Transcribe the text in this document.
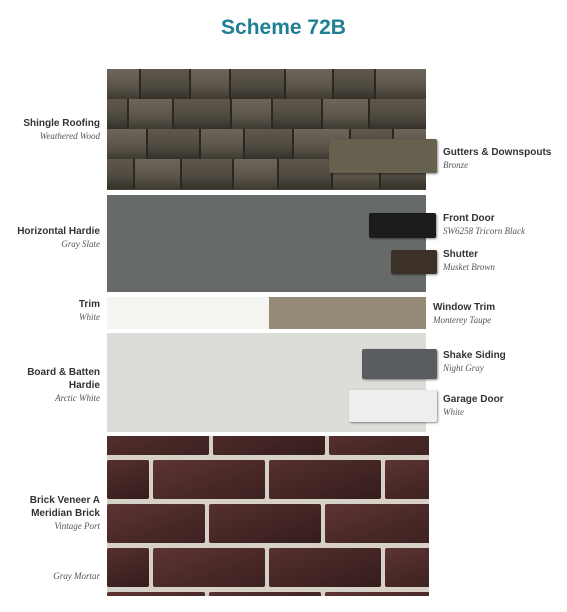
Scheme 72B
Shingle Roofing
Weathered Wood
Horizontal Hardie
Gray Slate
Trim
White
Board & Batten
Hardie
Arctic White
Brick Veneer A
Meridian Brick
Vintage Port
Gray Mortar
Gutters & Downspouts
Bronze
Front Door
SW6258 Tricorn Black
Shutter
Musket Brown
Window Trim
Monterey Taupe
Shake Siding
Night Gray
Garage Door
White
